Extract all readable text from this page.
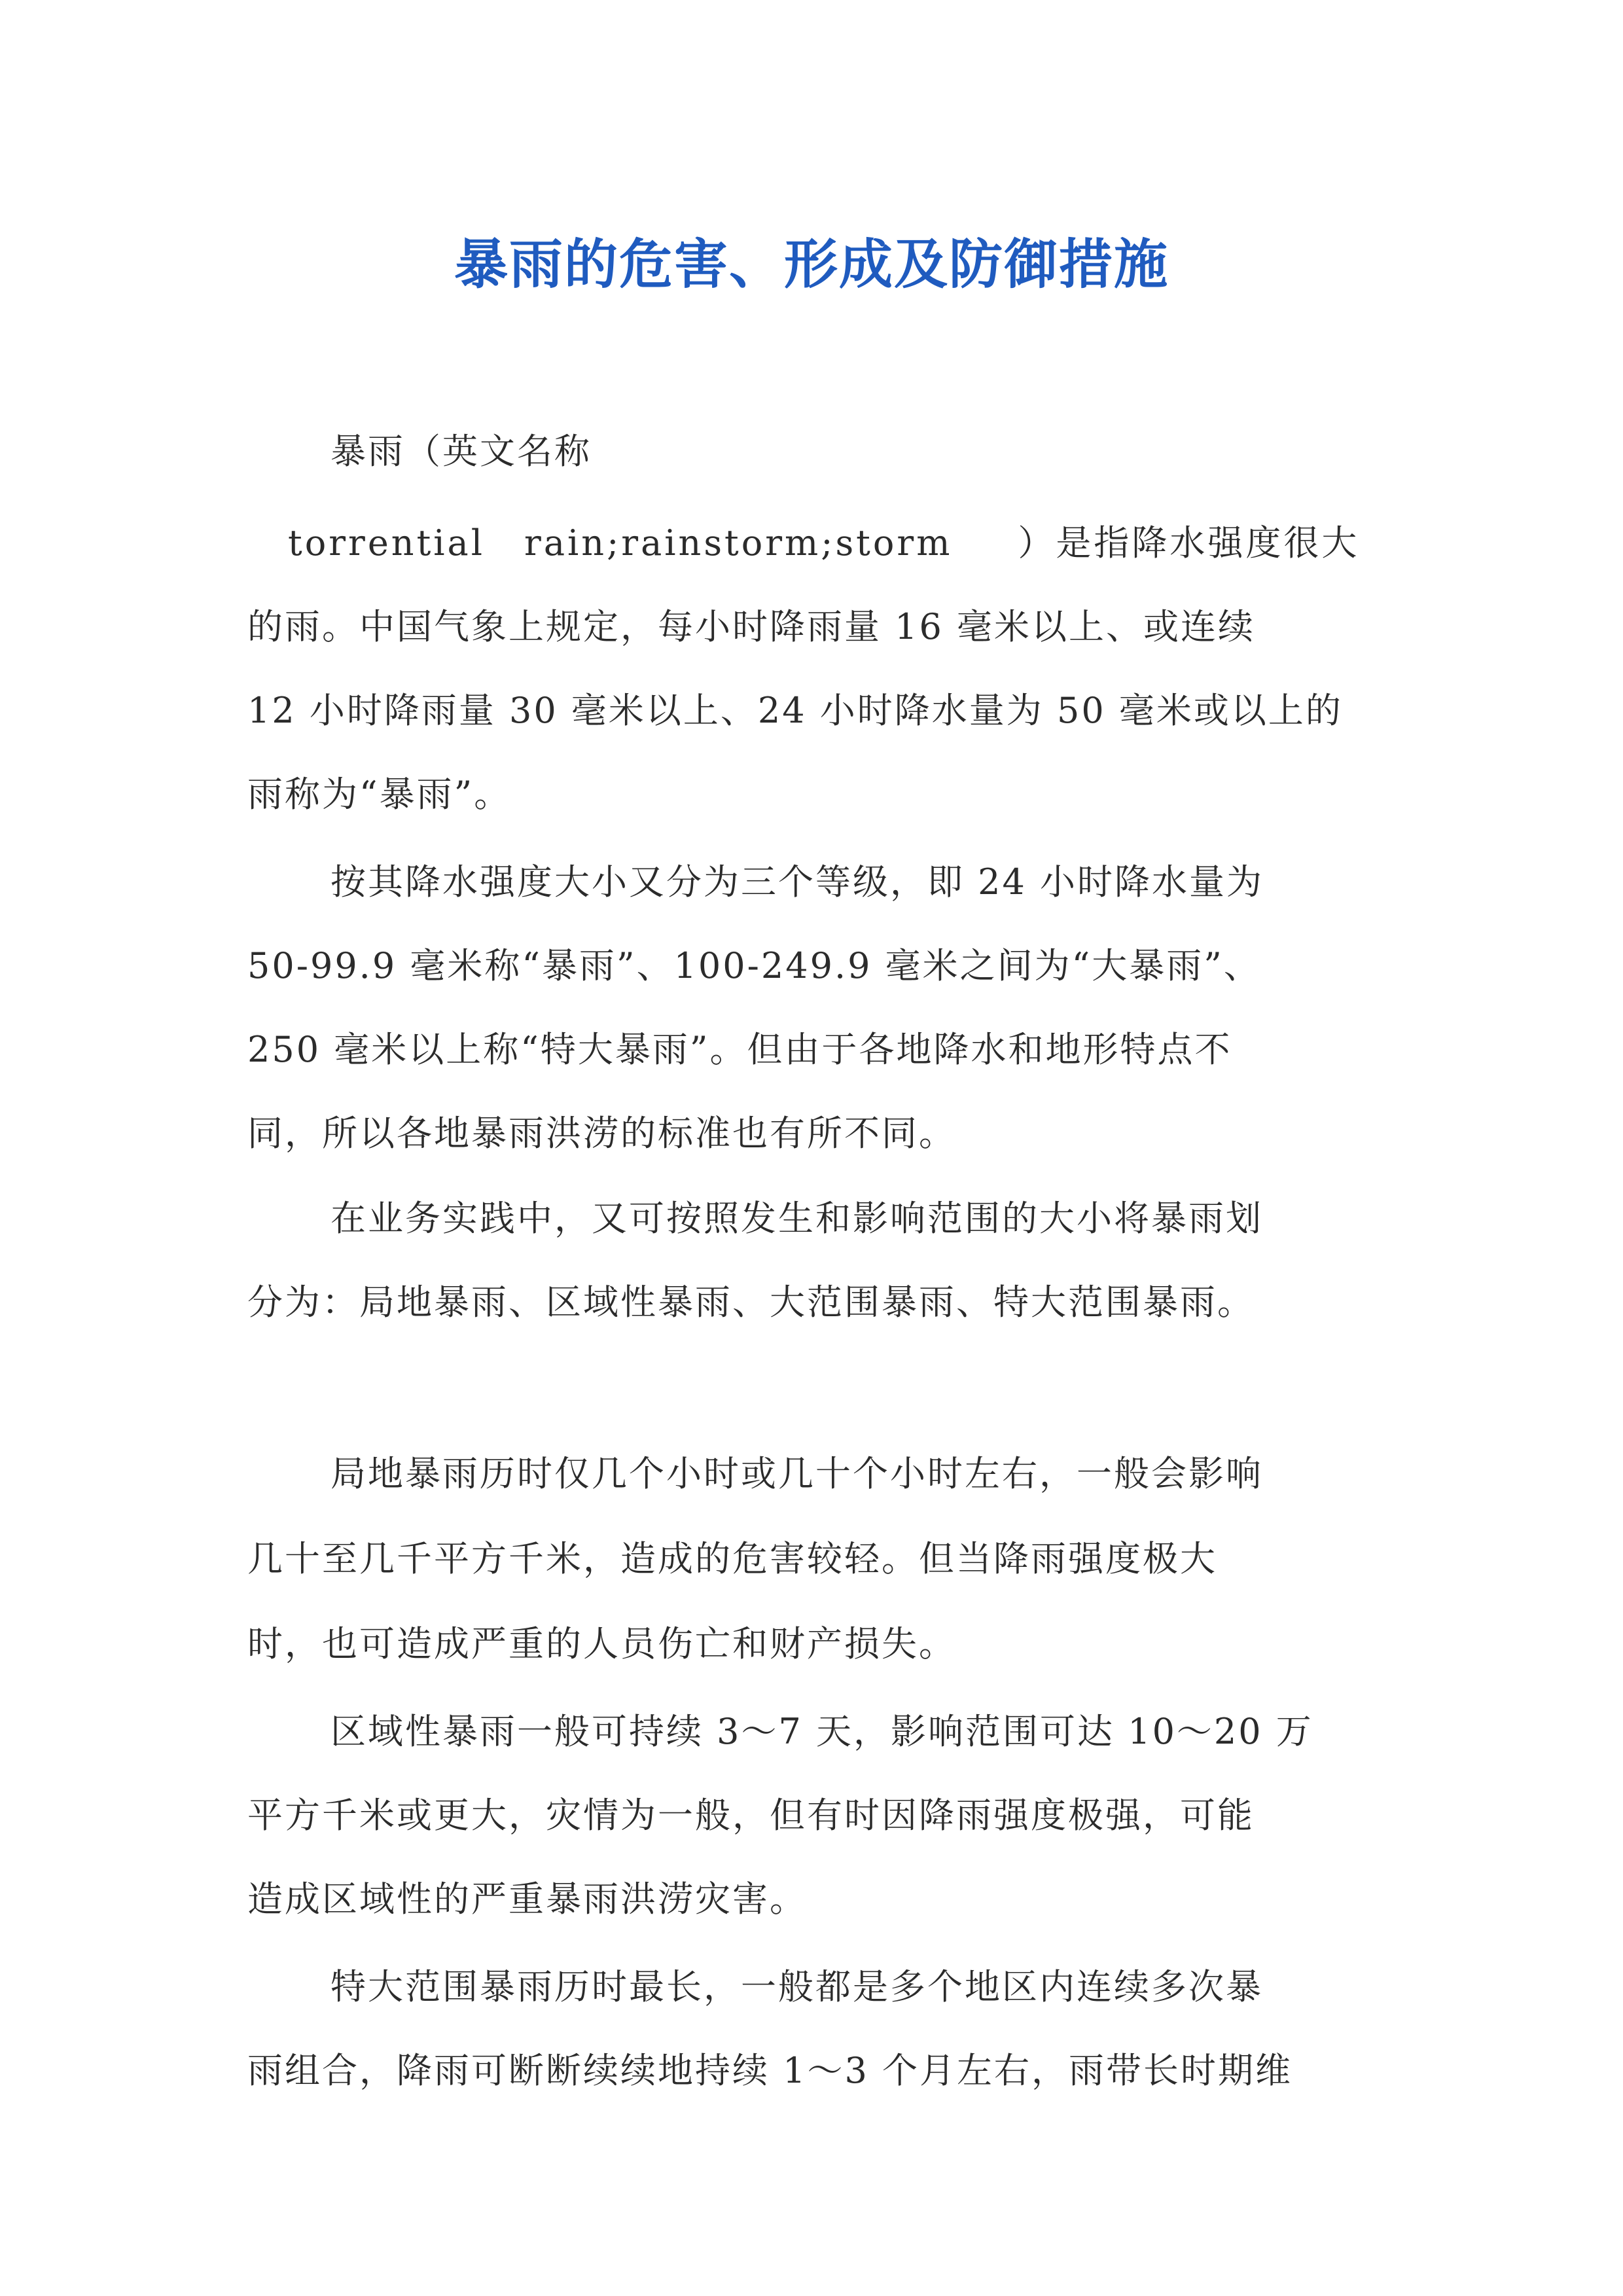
暴雨的危害、形成及防御措施
暴雨（英文名称
torrential rain;rainstorm;storm ）是指降水强度很大
的雨。中国气象上规定，每小时降雨量 16 毫米以上、或连续
12 小时降雨量 30 毫米以上、24 小时降水量为 50 毫米或以上的
雨称为“暴雨”。
按其降水强度大小又分为三个等级，即 24 小时降水量为
50-99.9 毫米称“暴雨”、100-249.9 毫米之间为“大暴雨”、
250 毫米以上称“特大暴雨”。但由于各地降水和地形特点不
同，所以各地暴雨洪涝的标准也有所不同。
在业务实践中，又可按照发生和影响范围的大小将暴雨划
分为：局地暴雨、区域性暴雨、大范围暴雨、特大范围暴雨。
局地暴雨历时仅几个小时或几十个小时左右，一般会影响
几十至几千平方千米，造成的危害较轻。但当降雨强度极大
时，也可造成严重的人员伤亡和财产损失。
区域性暴雨一般可持续 3～7 天，影响范围可达 10～20 万
平方千米或更大，灾情为一般，但有时因降雨强度极强，可能
造成区域性的严重暴雨洪涝灾害。
特大范围暴雨历时最长，一般都是多个地区内连续多次暴
雨组合，降雨可断断续续地持续 1～3 个月左右，雨带长时期维
